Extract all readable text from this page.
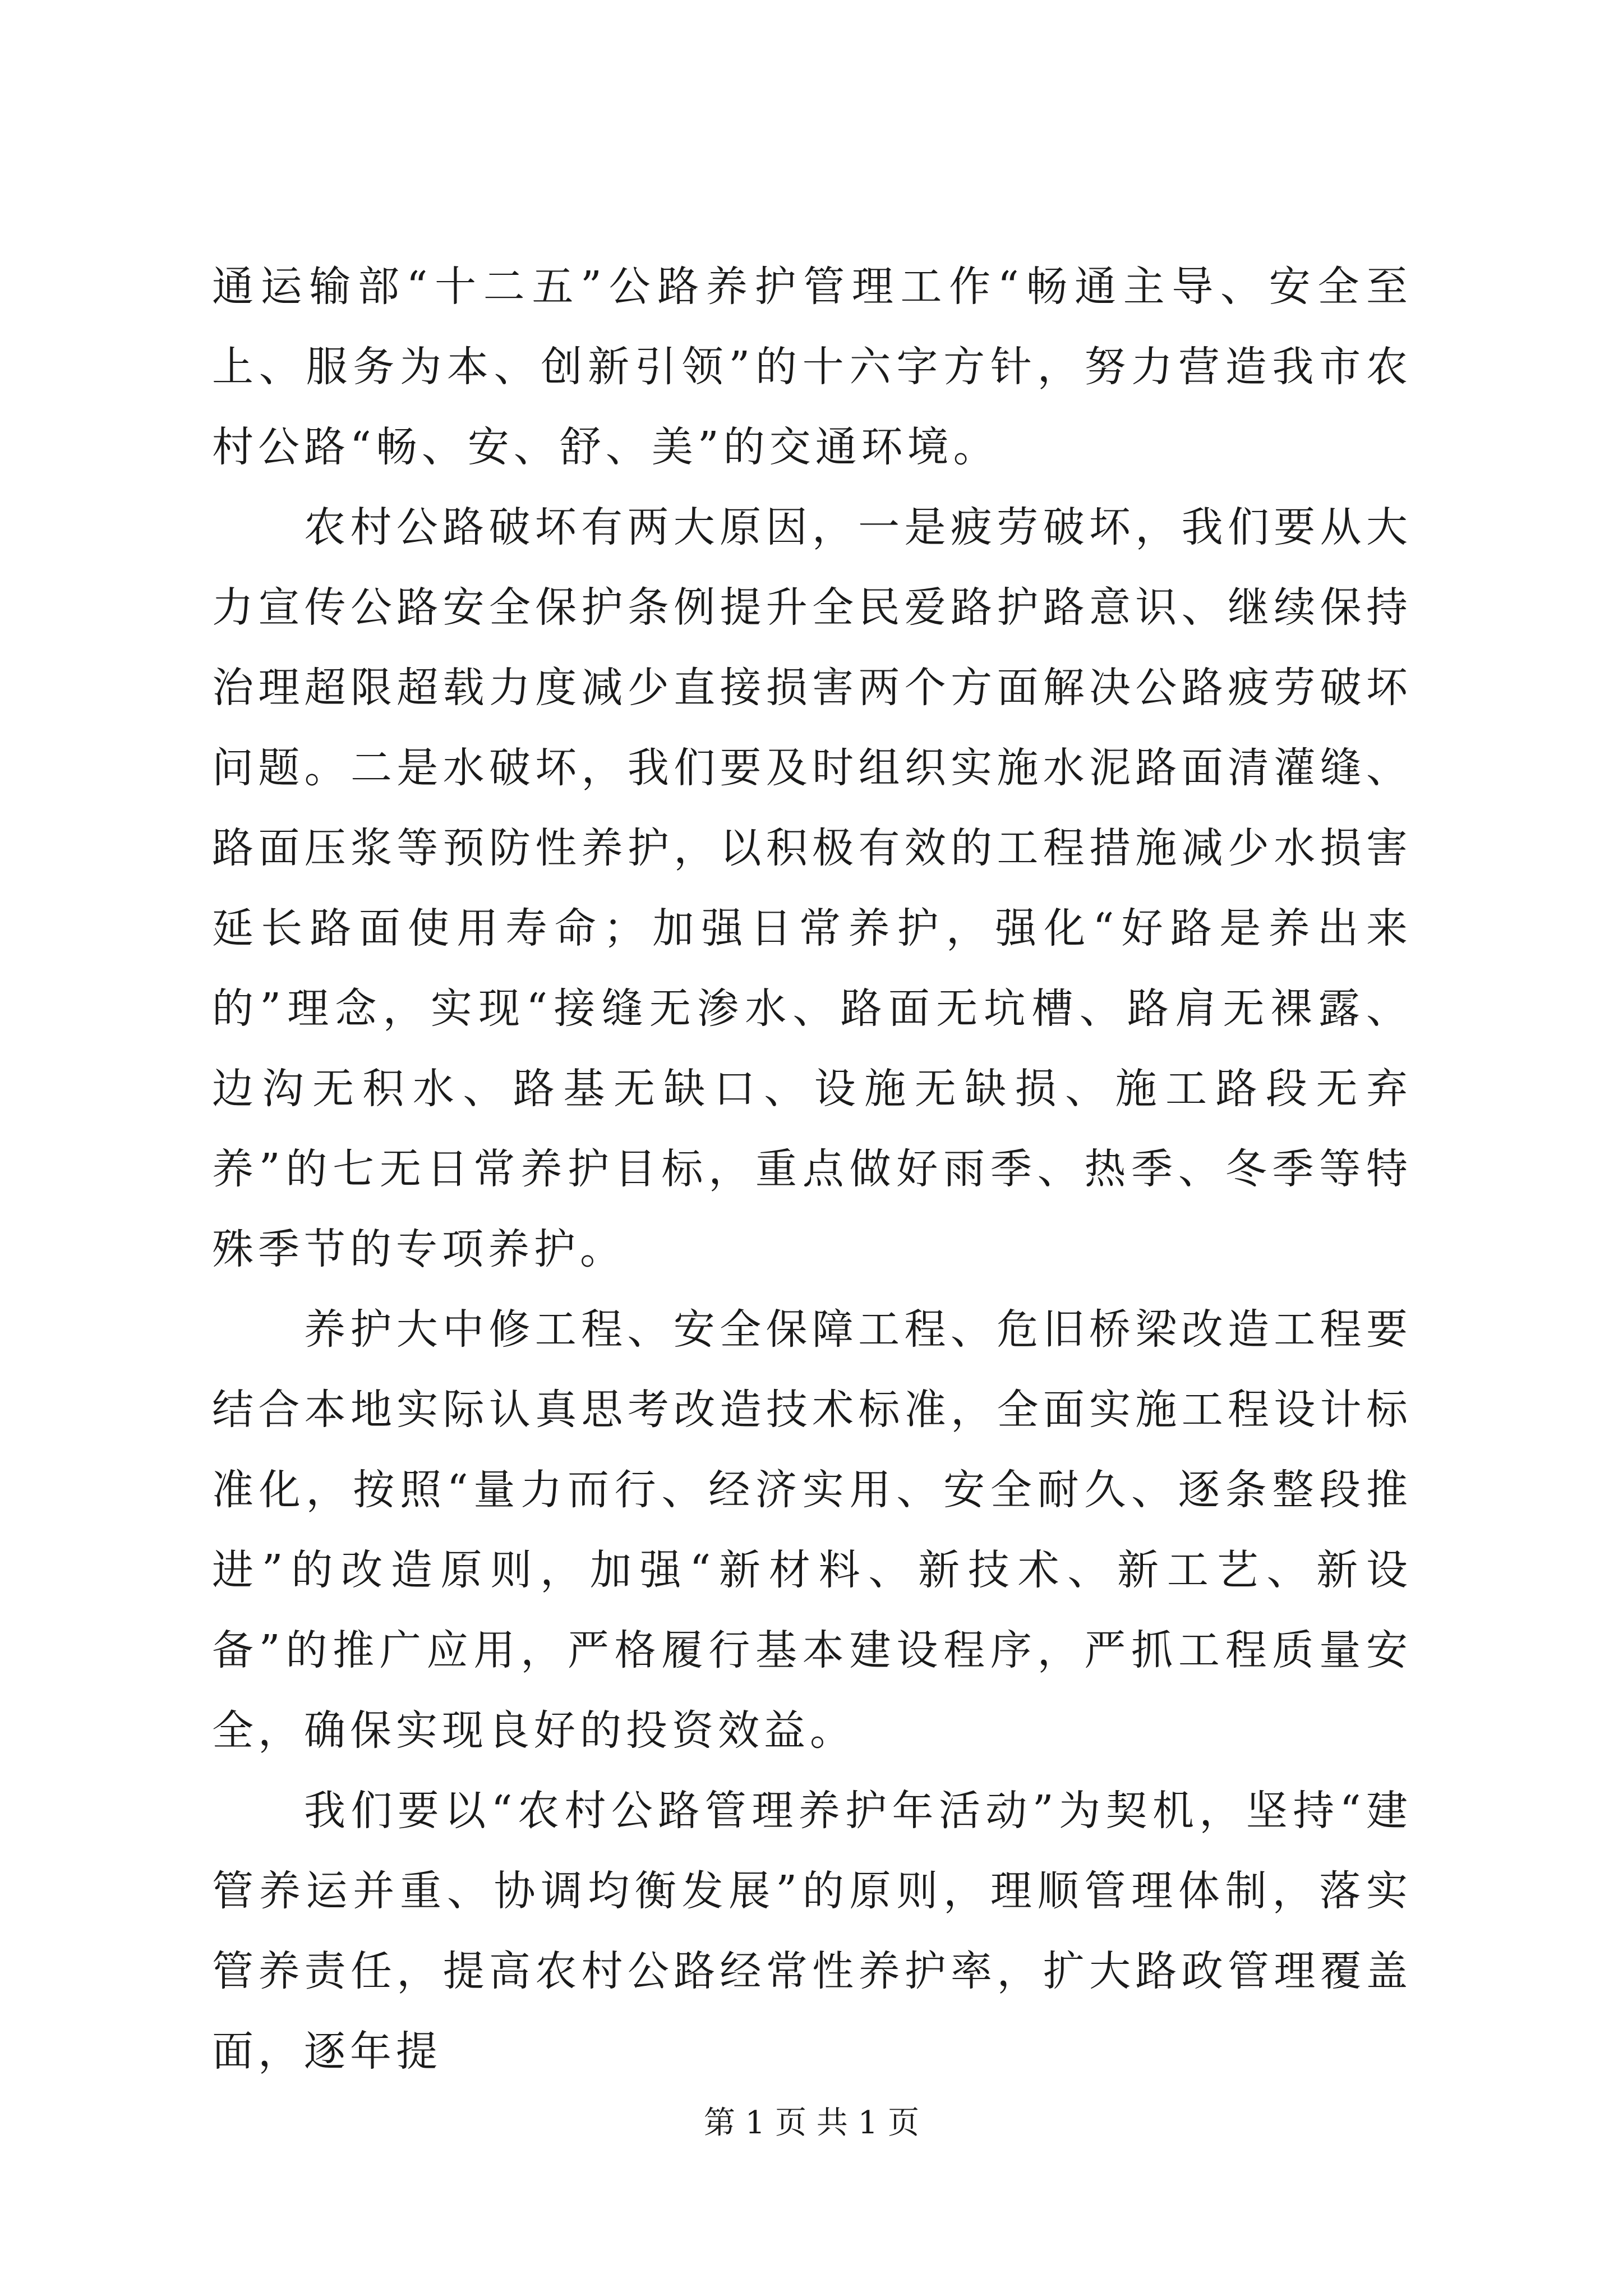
通运输部“十二五”公路养护管理工作“畅通主导、安全至上、服务为本、创新引领”的十六字方针，努力营造我市农村公路“畅、安、舒、美”的交通环境。

农村公路破坏有两大原因，一是疲劳破坏，我们要从大力宣传公路安全保护条例提升全民爱路护路意识、继续保持治理超限超载力度减少直接损害两个方面解决公路疲劳破坏问题。二是水破坏，我们要及时组织实施水泥路面清灌缝、路面压浆等预防性养护，以积极有效的工程措施减少水损害延长路面使用寿命；加强日常养护，强化“好路是养出来的”理念，实现“接缝无渗水、路面无坑槽、路肩无裸露、边沟无积水、路基无缺口、设施无缺损、施工路段无弃养”的七无日常养护目标，重点做好雨季、热季、冬季等特殊季节的专项养护。

养护大中修工程、安全保障工程、危旧桥梁改造工程要结合本地实际认真思考改造技术标准，全面实施工程设计标准化，按照“量力而行、经济实用、安全耐久、逐条整段推进”的改造原则，加强“新材料、新技术、新工艺、新设备”的推广应用，严格履行基本建设程序，严抓工程质量安全，确保实现良好的投资效益。

我们要以“农村公路管理养护年活动”为契机，坚持“建管养运并重、协调均衡发展”的原则，理顺管理体制，落实管养责任，提高农村公路经常性养护率，扩大路政管理覆盖面，逐年提

第 1 页 共 1 页
